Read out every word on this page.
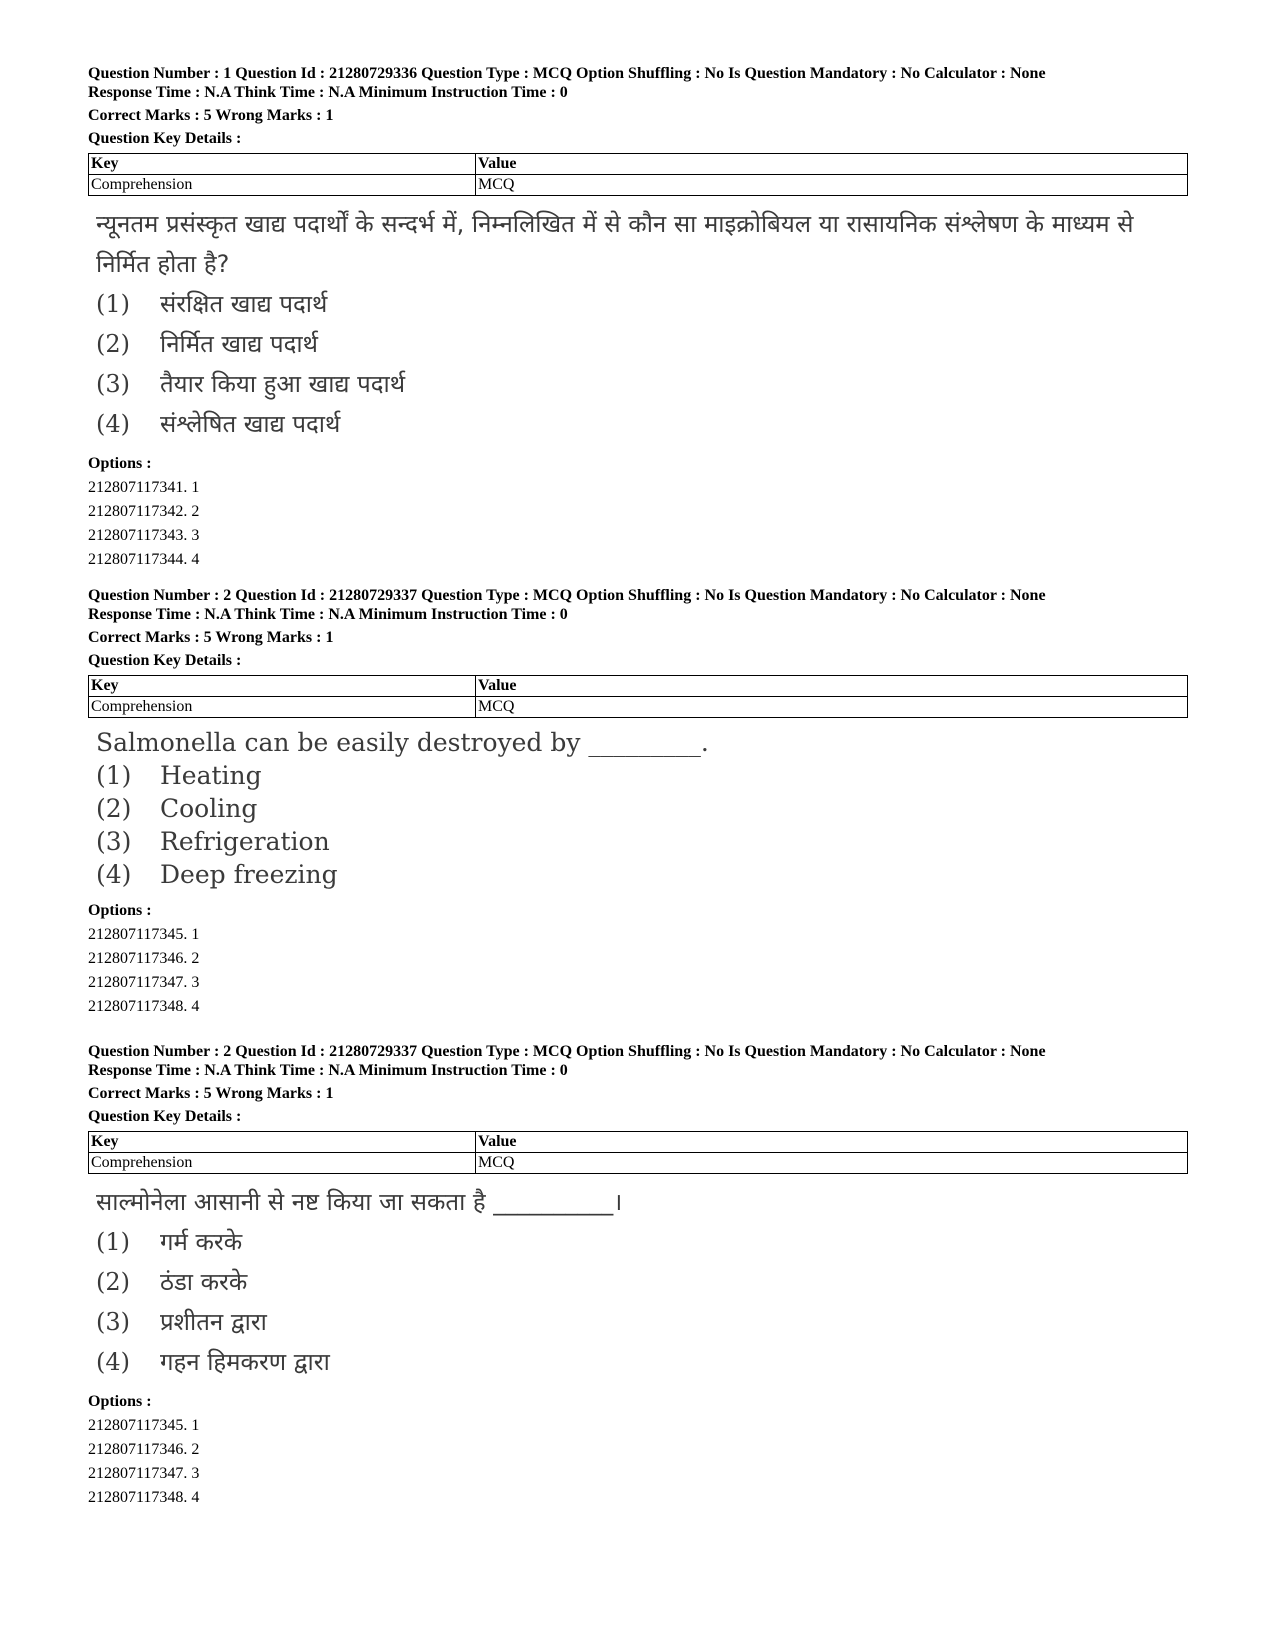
Question Number : 1 Question Id : 21280729336 Question Type : MCQ Option Shuffling : No Is Question Mandatory : No Calculator : None

Response Time : N.A Think Time : N.A Minimum Instruction Time : 0

Correct Marks : 5 Wrong Marks : 1

Question Key Details :

Key	Value
Comprehension	MCQ
न्यूनतम प्रसंस्कृत खाद्य पदार्थों के सन्दर्भ में, निम्नलिखित में से कौन सा माइक्रोबियल या रासायनिक संश्लेषण के माध्यम से निर्मित होता है?
(1)	संरक्षित खाद्य पदार्थ
(2)	निर्मित खाद्य पदार्थ
(3)	तैयार किया हुआ खाद्य पदार्थ
(4)	संश्लेषित खाद्य पदार्थ
Options :
212807117341. 1
212807117342. 2
212807117343. 3
212807117344. 4

Question Number : 2 Question Id : 21280729337 Question Type : MCQ Option Shuffling : No Is Question Mandatory : No Calculator : None

Response Time : N.A Think Time : N.A Minimum Instruction Time : 0

Correct Marks : 5 Wrong Marks : 1

Question Key Details :

Key	Value
Comprehension	MCQ
Salmonella can be easily destroyed by _________.
(1)	Heating
(2)	Cooling
(3)	Refrigeration
(4)	Deep freezing
Options :
212807117345. 1
212807117346. 2
212807117347. 3
212807117348. 4

Question Number : 2 Question Id : 21280729337 Question Type : MCQ Option Shuffling : No Is Question Mandatory : No Calculator : None

Response Time : N.A Think Time : N.A Minimum Instruction Time : 0

Correct Marks : 5 Wrong Marks : 1

Question Key Details :

Key	Value
Comprehension	MCQ
साल्मोनेला आसानी से नष्ट किया जा सकता है __________।
(1)	गर्म करके
(2)	ठंडा करके
(3)	प्रशीतन द्वारा
(4)	गहन हिमकरण द्वारा
Options :
212807117345. 1
212807117346. 2
212807117347. 3
212807117348. 4
